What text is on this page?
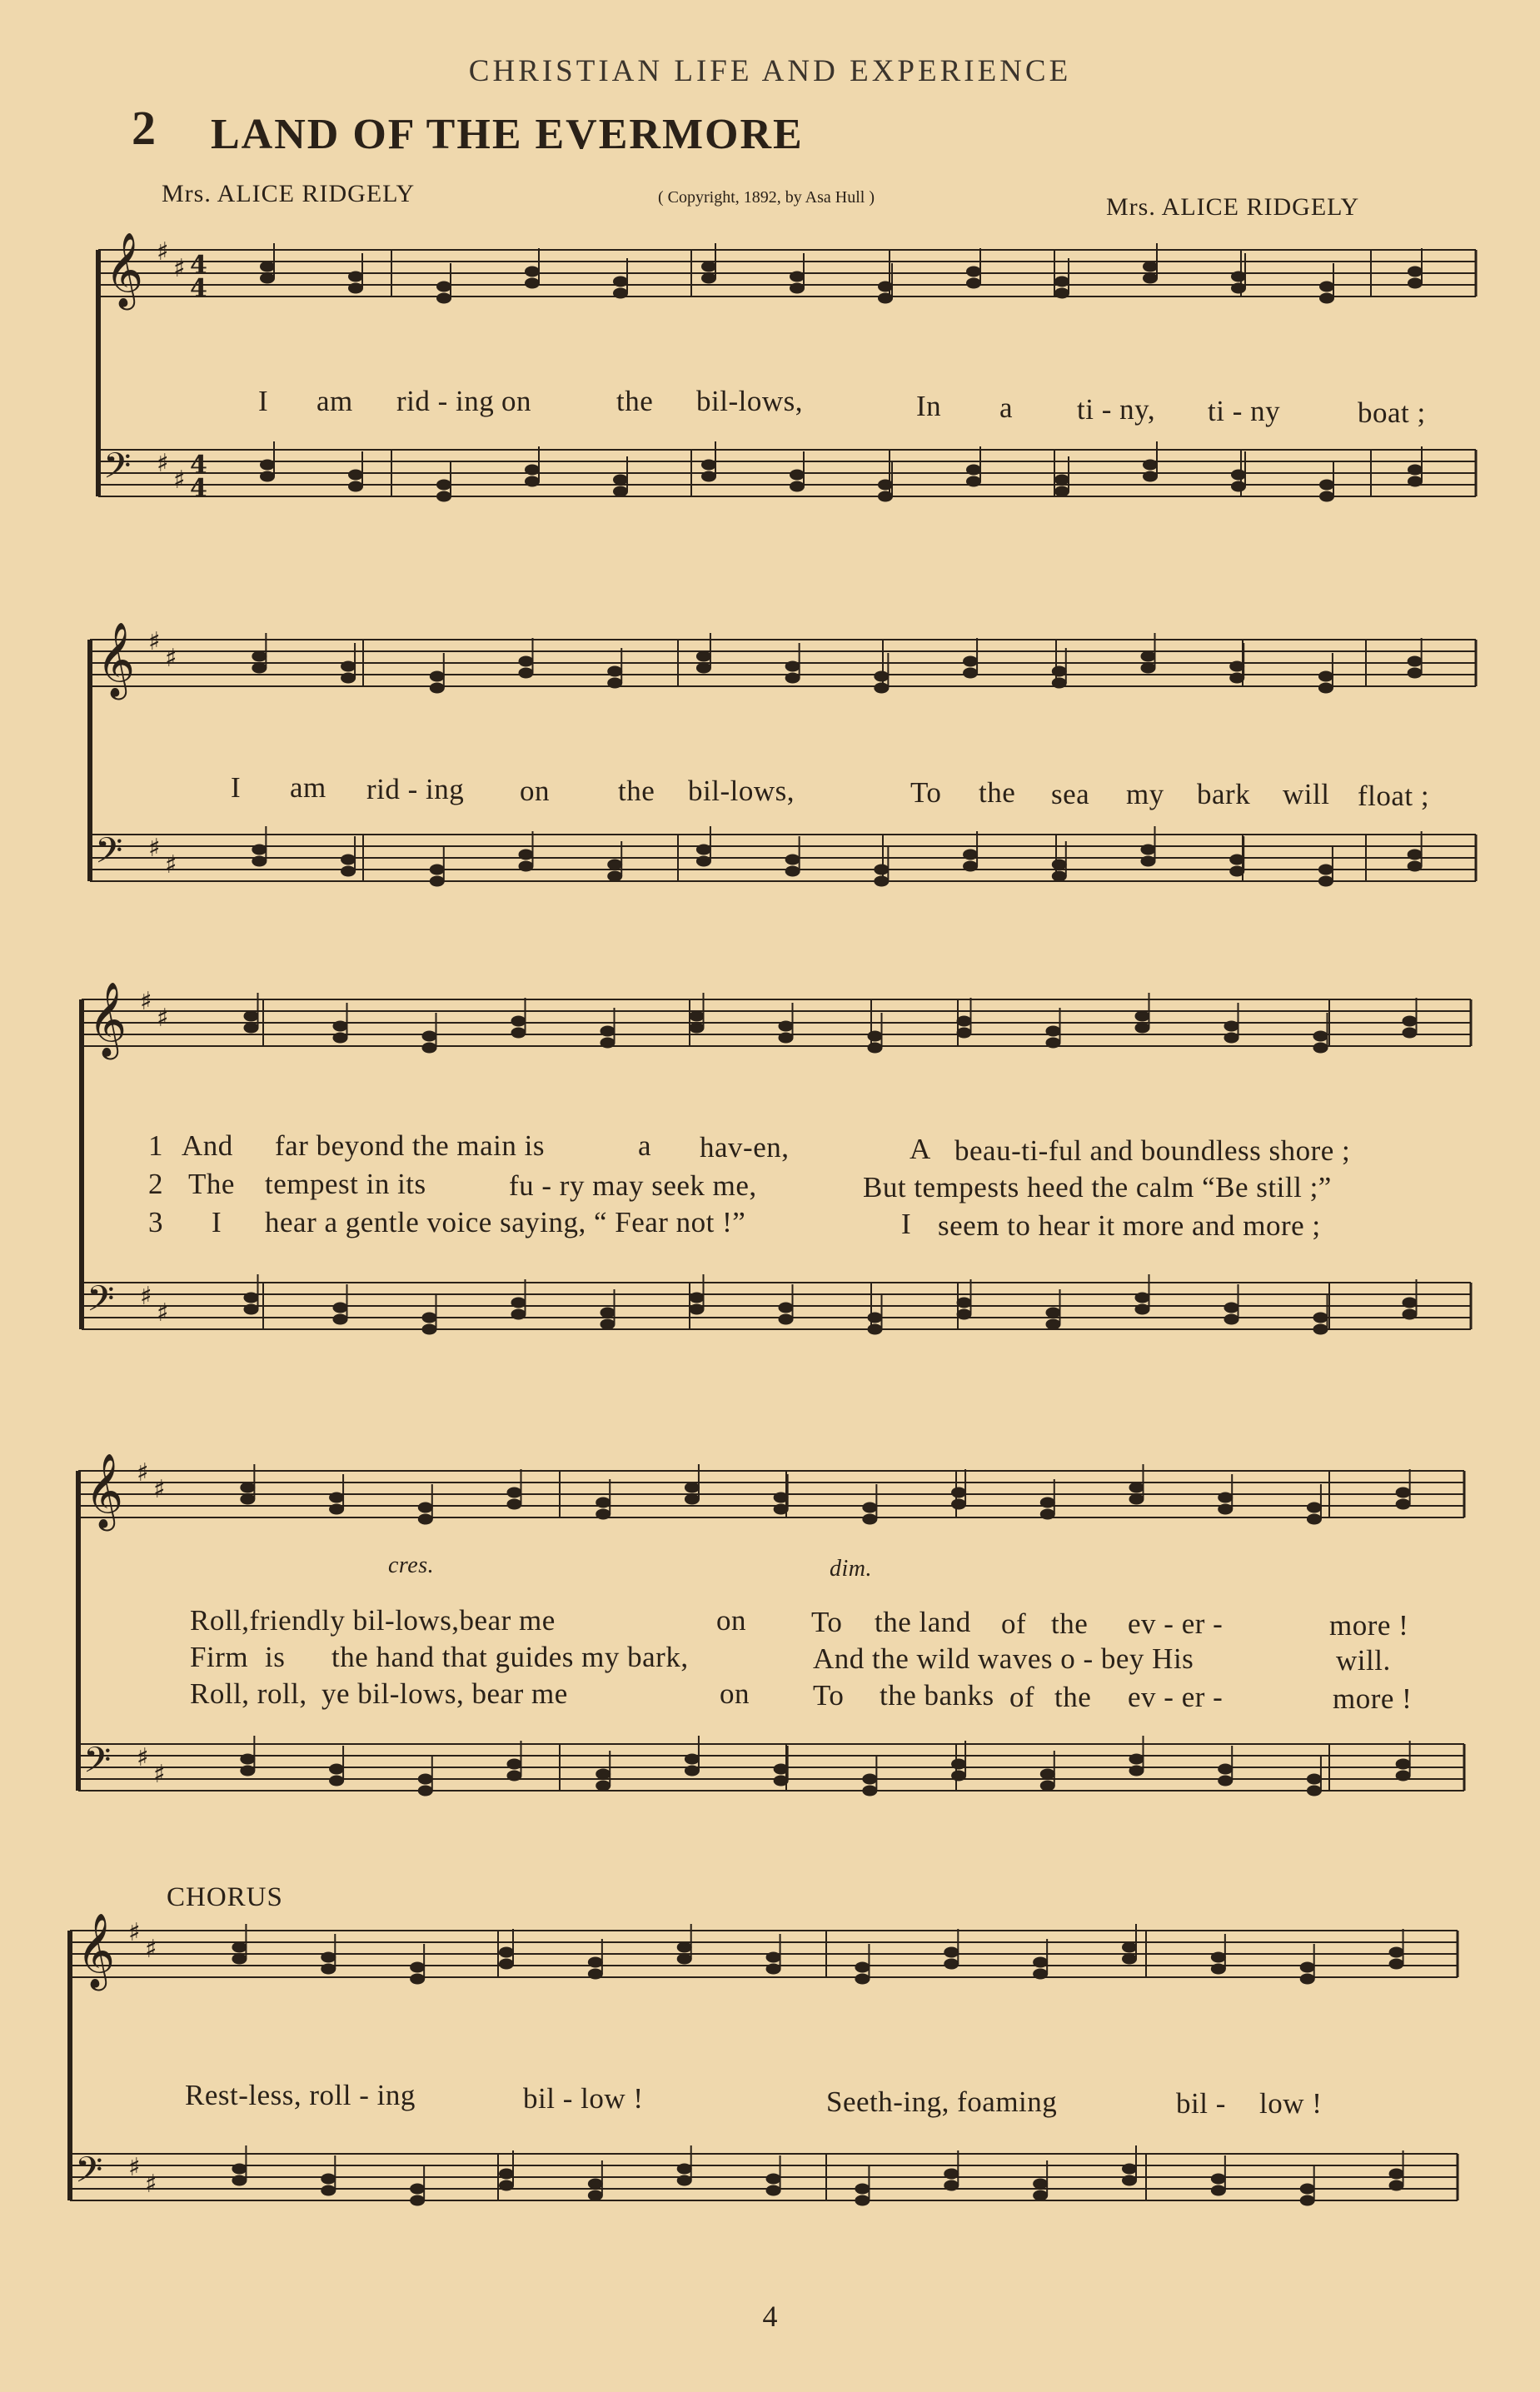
𝄞
𝄢
♯
♯
♯
♯
4
4
4
4
𝄞
𝄢
♯
♯
♯
♯
𝄞
𝄢
♯
♯
♯
♯
𝄞
𝄢
♯
♯
♯
♯
𝄞
𝄢
♯
♯
♯
♯
CHRISTIAN LIFE AND EXPERIENCE
2 LAND OF THE EVERMORE
Mrs. ALICE RIDGELY	( Copyright, 1892, by Asa Hull )	Mrs. ALICE RIDGELY
I am rid - ing on	the bil-lows,	In a ti - ny, ti - ny	boat ;
I am rid - ing on the bil-lows,	To the sea my bark will float ;
1 And far beyond the main is	a hav-en,	A beau-ti-ful and boundless shore ;
2 The tempest in its	fu - ry may seek me,	But tempests heed the calm “Be still ;”
3 I hear a gentle voice saying, “ Fear not !”	I seem to hear it more and more ;
cres.	dim.
Roll,friendly bil-lows,bear me	on To the land of the ev - er -	more !
Firm is the hand that guides my bark,	And the wild waves o - bey His	will.
Roll, roll, ye bil-lows, bear me	on To the banks of the ev - er -	more !
CHORUS
Rest-less, roll - ing	bil - low !	Seeth-ing, foaming	bil - low !
4
